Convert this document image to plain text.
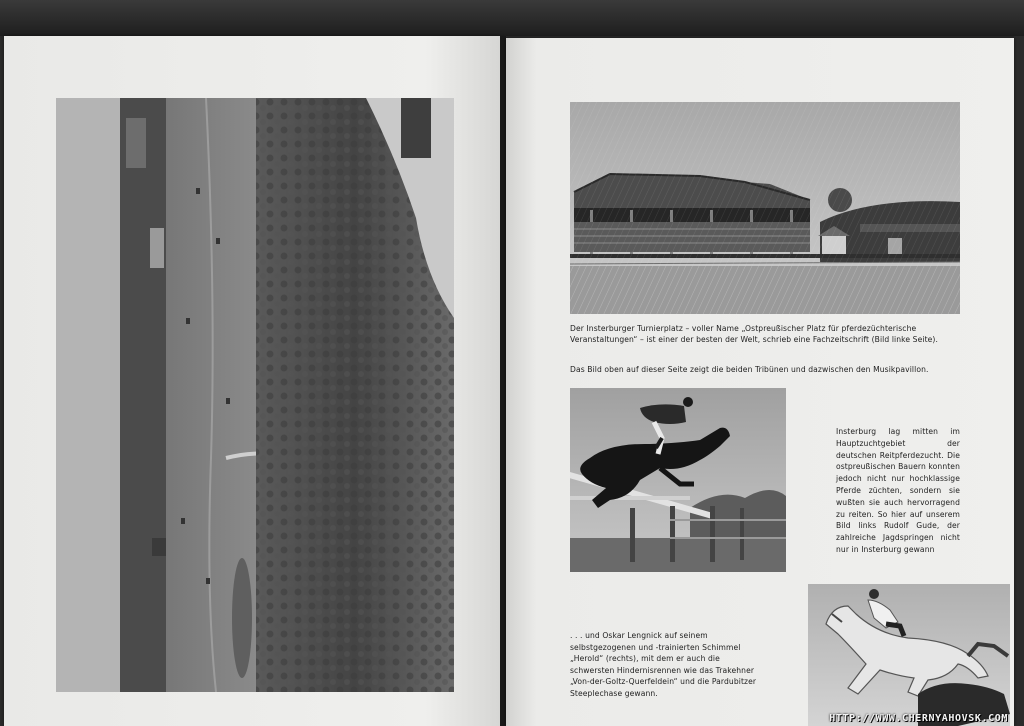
Der Insterburger Turnierplatz – voller Name „Ostpreußischer Platz für pferdezüchterische Veranstaltungen“ – ist einer der besten der Welt, schrieb eine Fachzeitschrift (Bild linke Seite).
Das Bild oben auf dieser Seite zeigt die beiden Tribünen und dazwischen den Musikpavillon.
Insterburg lag mitten im Hauptzuchtgebiet der deutschen Reitpferdezucht. Die ostpreußischen Bauern konnten jedoch nicht nur hochklassige Pferde züchten, sondern sie wußten sie auch hervorragend zu reiten. So hier auf unserem Bild links Rudolf Gude, der zahlreiche Jagdspringen nicht nur in Insterburg gewann
. . . und Oskar Lengnick auf seinem selbstgezogenen und -trainierten Schimmel „Herold“ (rechts), mit dem er auch die schwersten Hindernisrennen wie das Trakehner „Von-der-Goltz-Querfeldein“ und die Pardubitzer Steeplechase gewann.
HTTP://WWW.CHERNYAHOVSK.COM
